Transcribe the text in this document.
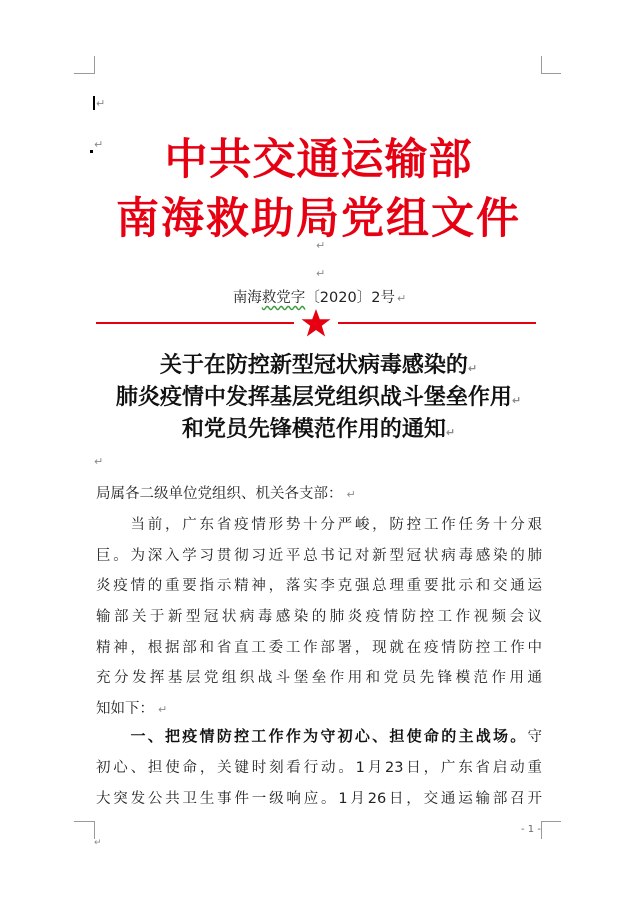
↵
↵
中共交通运输部
南海救助局党组文件
↵
↵
南海救党字〔2020〕2号 ↵
关于在防控新型冠状病毒感染的 ↵
肺炎疫情中发挥基层党组织战斗堡垒作用 ↵
和党员先锋模范作用的通知 ↵
↵
局属各二级单位党组织、机关各支部： ↵
　　当前，广东省疫情形势十分严峻，防控工作任务十分艰
巨。为深入学习贯彻习近平总书记对新型冠状病毒感染的肺
炎疫情的重要指示精神，落实李克强总理重要批示和交通运
输部关于新型冠状病毒感染的肺炎疫情防控工作视频会议
精神，根据部和省直工委工作部署，现就在疫情防控工作中
充分发挥基层党组织战斗堡垒作用和党员先锋模范作用通
知如下： ↵
　　一、把疫情防控工作作为守初心、担使命的主战场。守
初心、担使命，关键时刻看行动。1月23日，广东省启动重
大突发公共卫生事件一级响应。1月26日，交通运输部召开
- 1 -
↵
